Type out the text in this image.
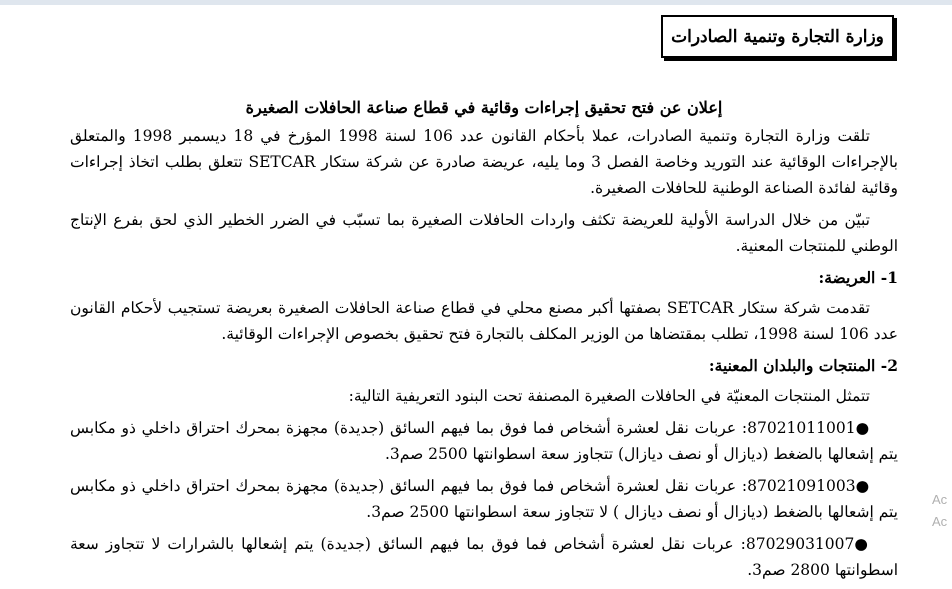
وزارة التجارة وتنمية الصادرات

إعلان عن فتح تحقيق إجراءات وقائية في قطاع صناعة الحافلات الصغيرة

تلقت وزارة التجارة وتنمية الصادرات، عملا بأحكام القانون عدد 106 لسنة 1998 المؤرخ في 18 ديسمبر 1998 والمتعلق بالإجراءات الوقائية عند التوريد وخاصة الفصل 3 وما يليه، عريضة صادرة عن شركة ستكار SETCAR تتعلق بطلب اتخاذ إجراءات وقائية لفائدة الصناعة الوطنية للحافلات الصغيرة.

تبيّن من خلال الدراسة الأولية للعريضة تكثف واردات الحافلات الصغيرة بما تسبّب في الضرر الخطير الذي لحق بفرع الإنتاج الوطني للمنتجات المعنية.

1- العريضة:

تقدمت شركة ستكار SETCAR بصفتها أكبر مصنع محلي في قطاع صناعة الحافلات الصغيرة بعريضة تستجيب لأحكام القانون عدد 106 لسنة 1998، تطلب بمقتضاها من الوزير المكلف بالتجارة فتح تحقيق بخصوص الإجراءات الوقائية.

2- المنتجات والبلدان المعنية:

تتمثل المنتجات المعنيّة في الحافلات الصغيرة المصنفة تحت البنود التعريفية التالية:

●87021011001: عربات نقل لعشرة أشخاص فما فوق بما فيهم السائق (جديدة) مجهزة بمحرك احتراق داخلي ذو مكابس يتم إشعالها بالضغط (ديازال أو نصف ديازال) تتجاوز سعة اسطوانتها 2500 صم3.

●87021091003: عربات نقل لعشرة أشخاص فما فوق بما فيهم السائق (جديدة) مجهزة بمحرك احتراق داخلي ذو مكابس يتم إشعالها بالضغط (ديازال أو نصف ديازال ) لا تتجاوز سعة اسطوانتها 2500 صم3.

●87029031007: عربات نقل لعشرة أشخاص فما فوق بما فيهم السائق (جديدة) يتم إشعالها بالشرارات لا تتجاوز سعة اسطوانتها 2800 صم3.

Ac
Ac
